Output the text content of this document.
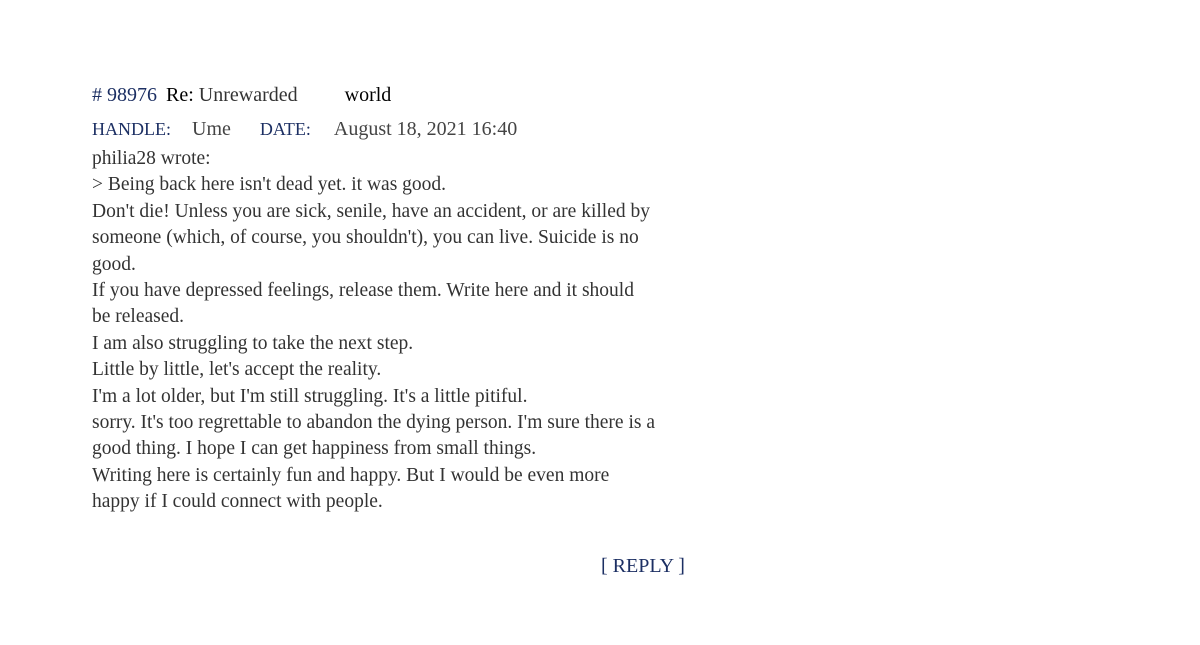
# 98976 Re: Unrewarded world
HANDLE: Ume DATE: August 18, 2021 16:40
philia28 wrote:
> Being back here isn't dead yet. it was good.
Don't die! Unless you are sick, senile, have an accident, or are killed by
someone (which, of course, you shouldn't), you can live. Suicide is no
good.
If you have depressed feelings, release them. Write here and it should
be released.
I am also struggling to take the next step.
Little by little, let's accept the reality.
I'm a lot older, but I'm still struggling. It's a little pitiful.
sorry. It's too regrettable to abandon the dying person. I'm sure there is a
good thing. I hope I can get happiness from small things.
Writing here is certainly fun and happy. But I would be even more
happy if I could connect with people.
[ REPLY ]
